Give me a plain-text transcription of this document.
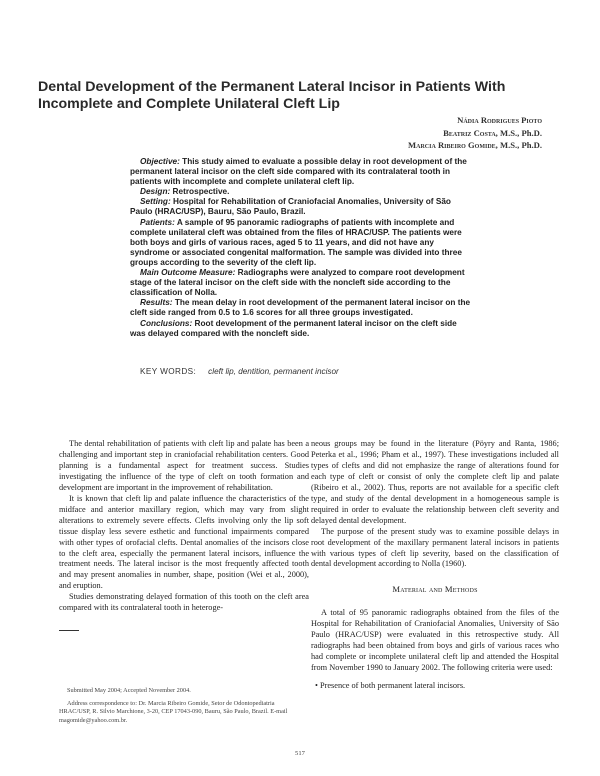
Dental Development of the Permanent Lateral Incisor in Patients With Incomplete and Complete Unilateral Cleft Lip
Nádia Rodrigues Pioto
Beatriz Costa, M.S., Ph.D.
Marcia Ribeiro Gomide, M.S., Ph.D.

Objective: This study aimed to evaluate a possible delay in root development of the permanent lateral incisor on the cleft side compared with its contralateral tooth in patients with incomplete and complete unilateral cleft lip.

Design: Retrospective.

Setting: Hospital for Rehabilitation of Craniofacial Anomalies, University of São Paulo (HRAC/USP), Bauru, São Paulo, Brazil.

Patients: A sample of 95 panoramic radiographs of patients with incomplete and complete unilateral cleft was obtained from the files of HRAC/USP. The patients were both boys and girls of various races, aged 5 to 11 years, and did not have any syndrome or associated congenital malformation. The sample was divided into three groups according to the severity of the cleft lip.

Main Outcome Measure: Radiographs were analyzed to compare root development stage of the lateral incisor on the cleft side with the noncleft side according to the classification of Nolla.

Results: The mean delay in root development of the permanent lateral incisor on the cleft side ranged from 0.5 to 1.6 scores for all three groups investigated.

Conclusions: Root development of the permanent lateral incisor on the cleft side was delayed compared with the noncleft side.

KEY WORDS: cleft lip, dentition, permanent incisor

The dental rehabilitation of patients with cleft lip and palate has been a challenging and important step in craniofacial rehabilitation centers. Good planning is a fundamental aspect for treatment success. Studies investigating the influence of the type of cleft on tooth formation and development are important in the improvement of rehabilitation.

It is known that cleft lip and palate influence the characteristics of the midface and anterior maxillary region, which may vary from slight alterations to extremely severe effects. Clefts involving only the lip soft tissue display less severe esthetic and functional impairments compared with other types of orofacial clefts. Dental anomalies of the incisors close to the cleft area, especially the permanent lateral incisors, influence the treatment needs. The lateral incisor is the most frequently affected tooth and may present anomalies in number, shape, position (Wei et al., 2000), and eruption.

Studies demonstrating delayed formation of this tooth on the cleft area compared with its contralateral tooth in heteroge-

neous groups may be found in the literature (Pöyry and Ranta, 1986; Peterka et al., 1996; Pham et al., 1997). These investigations included all types of clefts and did not emphasize the range of alterations found for each type of cleft or consist of only the complete cleft lip and palate (Ribeiro et al., 2002). Thus, reports are not available for a specific cleft type, and study of the dental development in a homogeneous sample is required in order to evaluate the relationship between cleft severity and delayed dental development.

The purpose of the present study was to examine possible delays in root development of the maxillary permanent lateral incisors in patients with various types of cleft lip severity, based on the classification of dental development according to Nolla (1960).

Material and Methods

A total of 95 panoramic radiographs obtained from the files of the Hospital for Rehabilitation of Craniofacial Anomalies, University of São Paulo (HRAC/USP) were evaluated in this retrospective study. All radiographs had been obtained from boys and girls of various races who had complete or incomplete unilateral cleft lip and attended the Hospital from November 1990 to January 2002. The following criteria were used:

• Presence of both permanent lateral incisors.

Submitted May 2004; Accepted November 2004.

Address correspondence to: Dr. Marcia Ribeiro Gomide, Setor de Odontopediatria HRAC/USP, R. Silvio Marchione, 3-20, CEP 17043-090, Bauru, São Paulo, Brazil. E-mail magomide@yahoo.com.br.

517
